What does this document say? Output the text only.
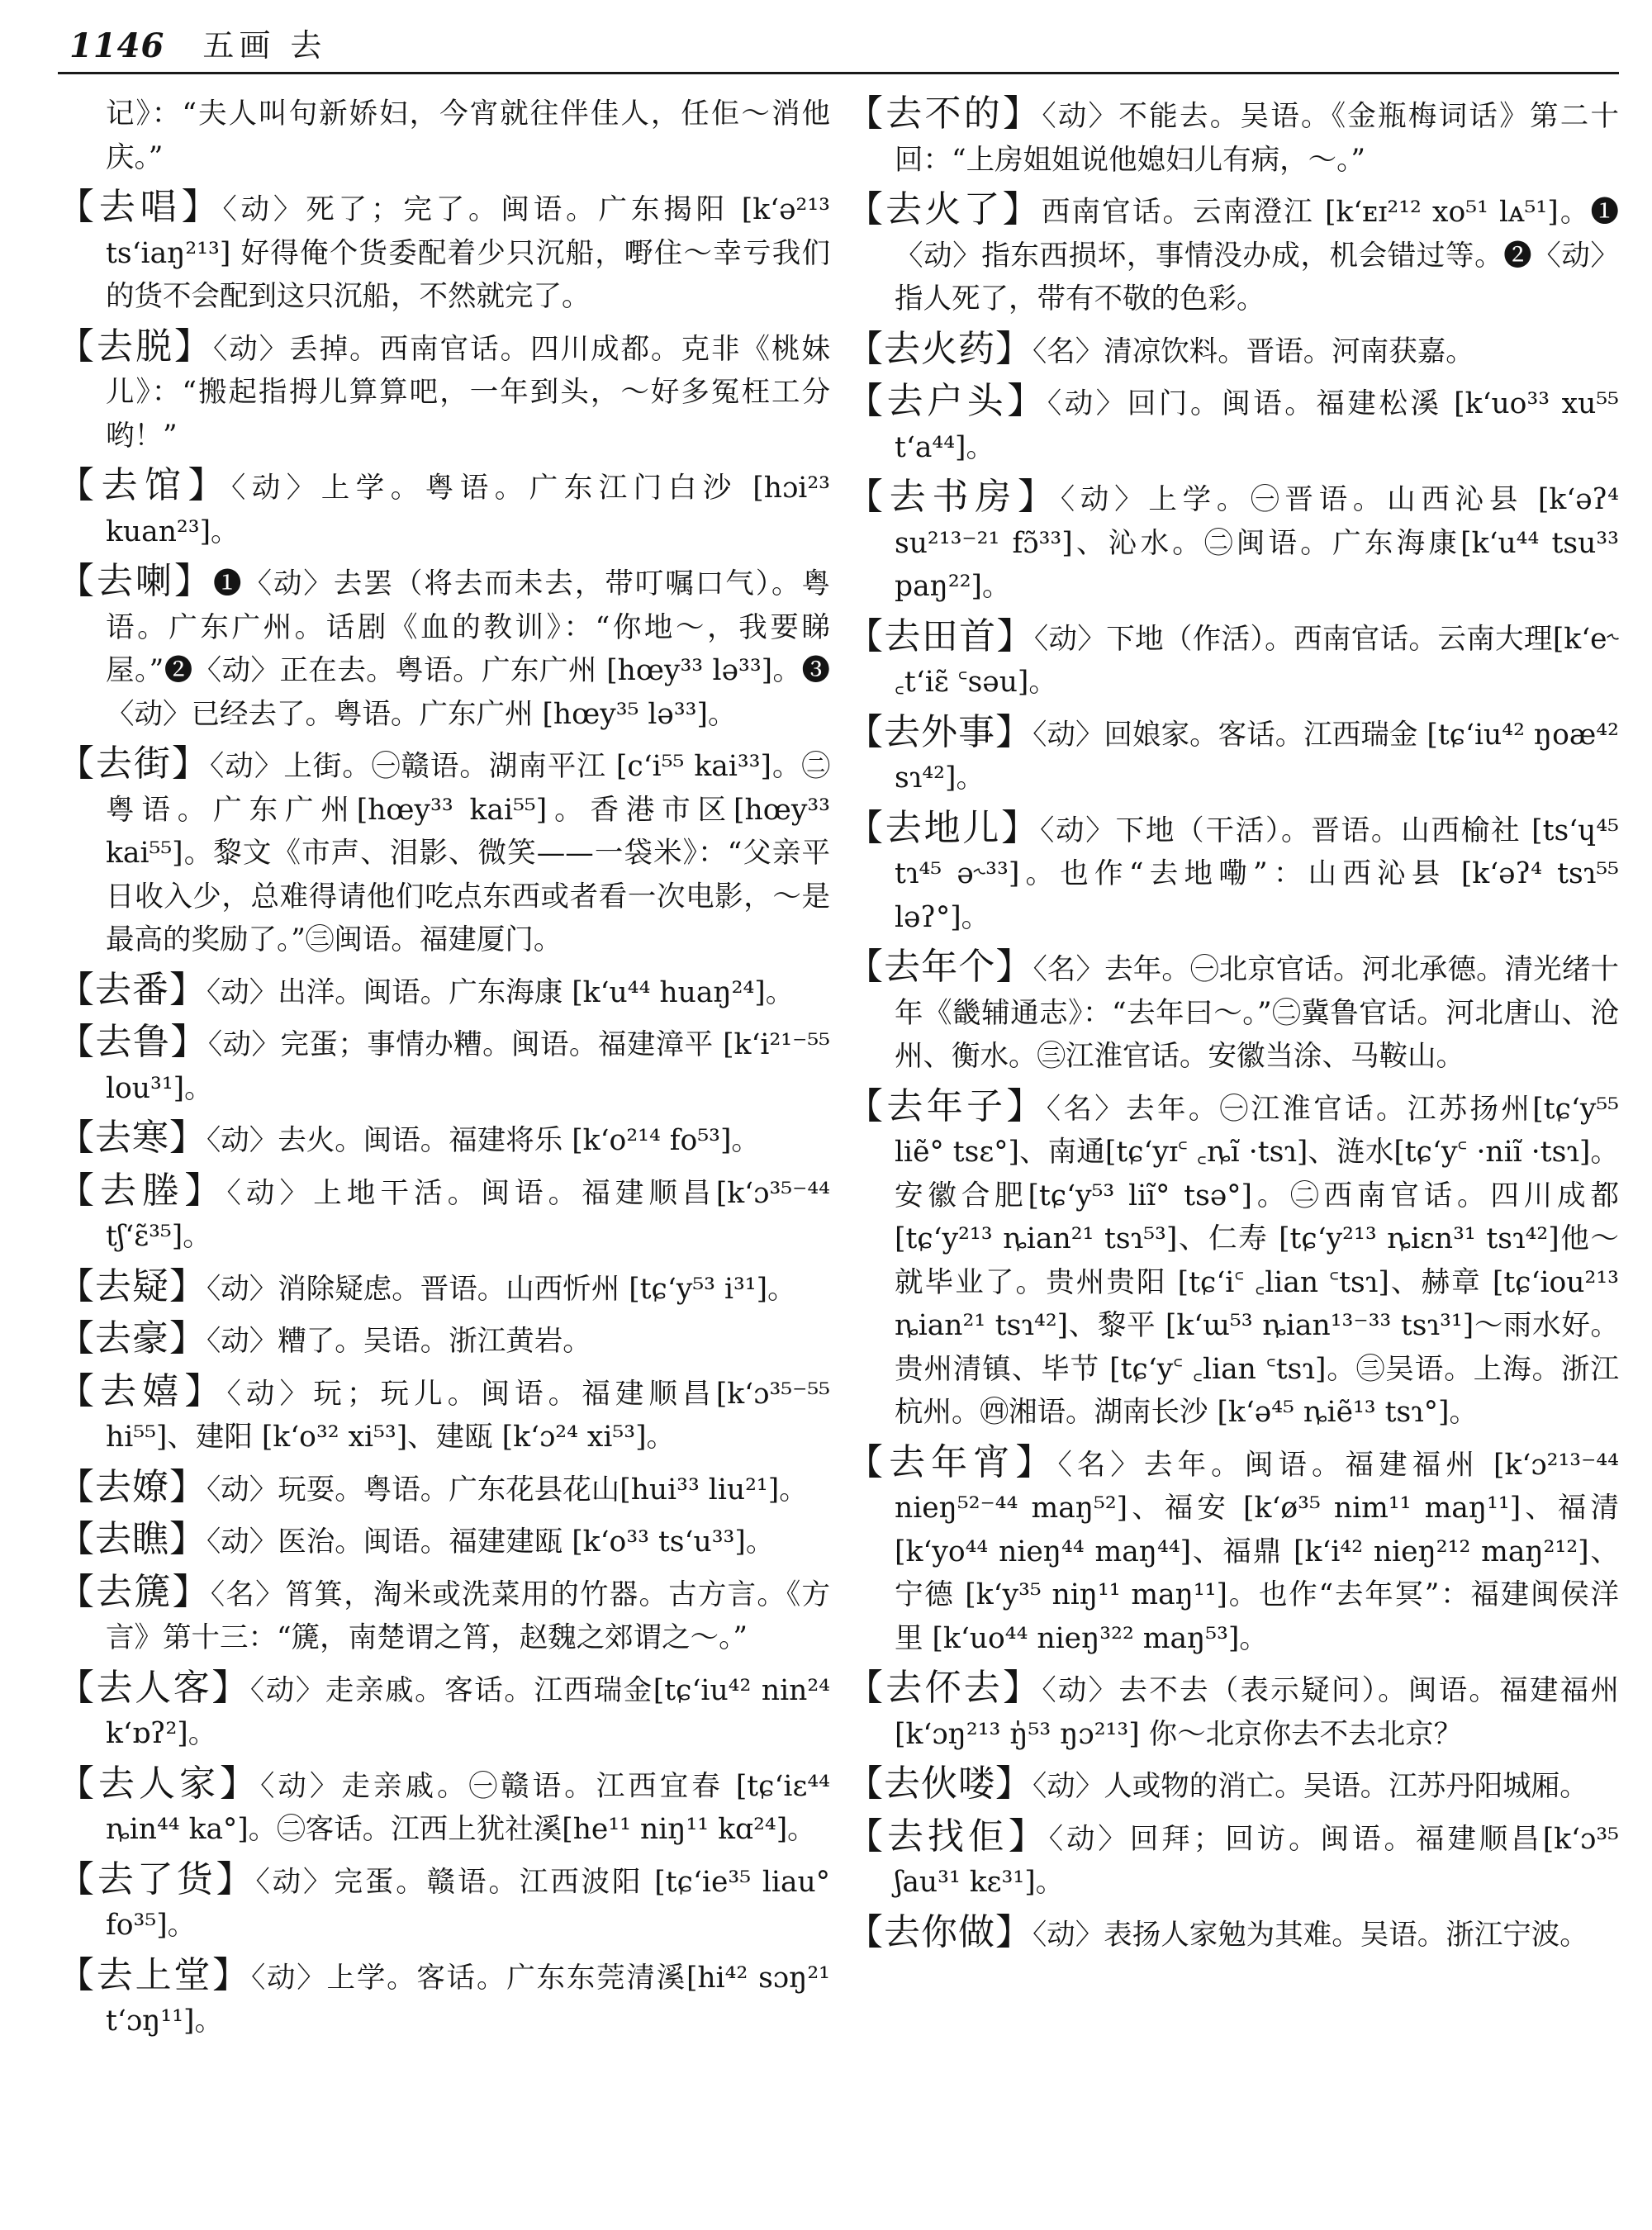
1146 五画 去

记》：“夫人叫句新娇妇，今宵就往伴佳人，任佢～消他庆。”

【去唱】〈动〉死了；完了。闽语。广东揭阳 [kʻə²¹³ tsʻiaŋ²¹³] 好得俺个货委配着少只沉船，嘢住～幸亏我们的货不会配到这只沉船，不然就完了。

【去脱】〈动〉丢掉。西南官话。四川成都。克非《桃妹儿》：“搬起指拇儿算算吧，一年到头，～好多冤枉工分哟！”

【去馆】〈动〉上学。粤语。广东江门白沙 [hɔi²³ kuan²³]。

【去喇】❶〈动〉去罢（将去而未去，带叮嘱口气）。粤语。广东广州。话剧《血的教训》：“你地～，我要睇屋。”❷〈动〉正在去。粤语。广东广州 [hœy³³ lə³³]。❸〈动〉已经去了。粤语。广东广州 [hœy³⁵ lə³³]。

【去街】〈动〉上街。㊀赣语。湖南平江 [cʻi⁵⁵ kai³³]。㊁粤语。广东广州[hœy³³ kai⁵⁵]。香港市区[hœy³³ kai⁵⁵]。黎文《市声、泪影、微笑——一袋米》：“父亲平日收入少，总难得请他们吃点东西或者看一次电影，～是最高的奖励了。”㊂闽语。福建厦门。

【去番】〈动〉出洋。闽语。广东海康 [kʻu⁴⁴ huaŋ²⁴]。

【去鲁】〈动〉完蛋；事情办糟。闽语。福建漳平 [kʻi²¹⁻⁵⁵ lou³¹]。

【去寒】〈动〉去火。闽语。福建将乐 [kʻo²¹⁴ fo⁵³]。

【去塍】〈动〉上地干活。闽语。福建顺昌[kʻɔ³⁵⁻⁴⁴ tʃʻɛ̃³⁵]。

【去疑】〈动〉消除疑虑。晋语。山西忻州 [tɕʻy⁵³ i³¹]。

【去豪】〈动〉糟了。吴语。浙江黄岩。

【去嬉】〈动〉玩；玩儿。闽语。福建顺昌[kʻɔ³⁵⁻⁵⁵ hi⁵⁵]、建阳 [kʻo³² xi⁵³]、建瓯 [kʻɔ²⁴ xi⁵³]。

【去嫽】〈动〉玩耍。粤语。广东花县花山[hui³³ liu²¹]。

【去瞧】〈动〉医治。闽语。福建建瓯 [kʻo³³ tsʻu³³]。

【去篪】〈名〉筲箕，淘米或洗菜用的竹器。古方言。《方言》第十三：“篪，南楚谓之筲，赵魏之郊谓之～。”

【去人客】〈动〉走亲戚。客话。江西瑞金[tɕʻiu⁴² nin²⁴ kʻɒʔ²]。

【去人家】〈动〉走亲戚。㊀赣语。江西宜春 [tɕʻiɛ⁴⁴ ȵin⁴⁴ ka°]。㊁客话。江西上犹社溪[he¹¹ niŋ¹¹ kɑ²⁴]。

【去了货】〈动〉完蛋。赣语。江西波阳 [tɕʻie³⁵ liau° fo³⁵]。

【去上堂】〈动〉上学。客话。广东东莞清溪[hi⁴² sɔŋ²¹ tʻɔŋ¹¹]。

【去不的】〈动〉不能去。吴语。《金瓶梅词话》第二十回：“上房姐姐说他媳妇儿有病，～。”

【去火了】西南官话。云南澄江 [kʻᴇɪ²¹² xo⁵¹ lᴀ⁵¹]。❶〈动〉指东西损坏，事情没办成，机会错过等。❷〈动〉指人死了，带有不敬的色彩。

【去火药】〈名〉清凉饮料。晋语。河南获嘉。

【去户头】〈动〉回门。闽语。福建松溪 [kʻuo³³ xu⁵⁵ tʻa⁴⁴]。

【去书房】〈动〉上学。㊀晋语。山西沁县 [kʻəʔ⁴ su²¹³⁻²¹ fɔ̃³³]、沁水。㊁闽语。广东海康[kʻu⁴⁴ tsu³³ paŋ²²]。

【去田首】〈动〉下地（作活）。西南官话。云南大理[kʻe˞ ꜀tʻiɛ̃ ꜂səu]。

【去外事】〈动〉回娘家。客话。江西瑞金 [tɕʻiu⁴² ŋoæ⁴² sɿ⁴²]。

【去地儿】〈动〉下地（干活）。晋语。山西榆社 [tsʻɥ⁴⁵ tɿ⁴⁵ ə˞³³]。也作“去地嘞”：山西沁县 [kʻəʔ⁴ tsɿ⁵⁵ ləʔ°]。

【去年个】〈名〉去年。㊀北京官话。河北承德。清光绪十年《畿辅通志》：“去年曰～。”㊁冀鲁官话。河北唐山、沧州、衡水。㊂江淮官话。安徽当涂、马鞍山。

【去年子】〈名〉去年。㊀江淮官话。江苏扬州[tɕʻy⁵⁵ liẽ° tsɛ°]、南通[tɕʻyɪ꜂ ꜀ȵĩ ·tsɿ]、涟水[tɕʻy꜂ ·niĩ ·tsɿ]。安徽合肥[tɕʻy⁵³ liĩ° tsə°]。㊁西南官话。四川成都 [tɕʻy²¹³ ȵian²¹ tsɿ⁵³]、仁寿 [tɕʻy²¹³ ȵiɛn³¹ tsɿ⁴²]他～就毕业了。贵州贵阳 [tɕʻi꜂ ꜀lian ꜂tsɿ]、赫章 [tɕʻiou²¹³ ȵian²¹ tsɿ⁴²]、黎平 [kʻɯ⁵³ ȵian¹³⁻³³ tsɿ³¹]～雨水好。贵州清镇、毕节 [tɕʻy꜂ ꜀lian ꜂tsɿ]。㊂吴语。上海。浙江杭州。㊃湘语。湖南长沙 [kʻə⁴⁵ ȵiẽ¹³ tsɿ°]。

【去年宵】〈名〉去年。闽语。福建福州 [kʻɔ²¹³⁻⁴⁴ nieŋ⁵²⁻⁴⁴ maŋ⁵²]、福安 [kʻø³⁵ nim¹¹ maŋ¹¹]、福清 [kʻyo⁴⁴ nieŋ⁴⁴ maŋ⁴⁴]、福鼎 [kʻi⁴² nieŋ²¹² maŋ²¹²]、宁德 [kʻy³⁵ niŋ¹¹ maŋ¹¹]。也作“去年冥”：福建闽侯洋里 [kʻuo⁴⁴ nieŋ³²² maŋ⁵³]。

【去伓去】〈动〉去不去（表示疑问）。闽语。福建福州 [kʻɔŋ²¹³ ŋ̍⁵³ ŋɔ²¹³] 你～北京你去不去北京？

【去伙喽】〈动〉人或物的消亡。吴语。江苏丹阳城厢。

【去找佢】〈动〉回拜；回访。闽语。福建顺昌[kʻɔ³⁵ ʃau³¹ kɛ³¹]。

【去你做】〈动〉表扬人家勉为其难。吴语。浙江宁波。
